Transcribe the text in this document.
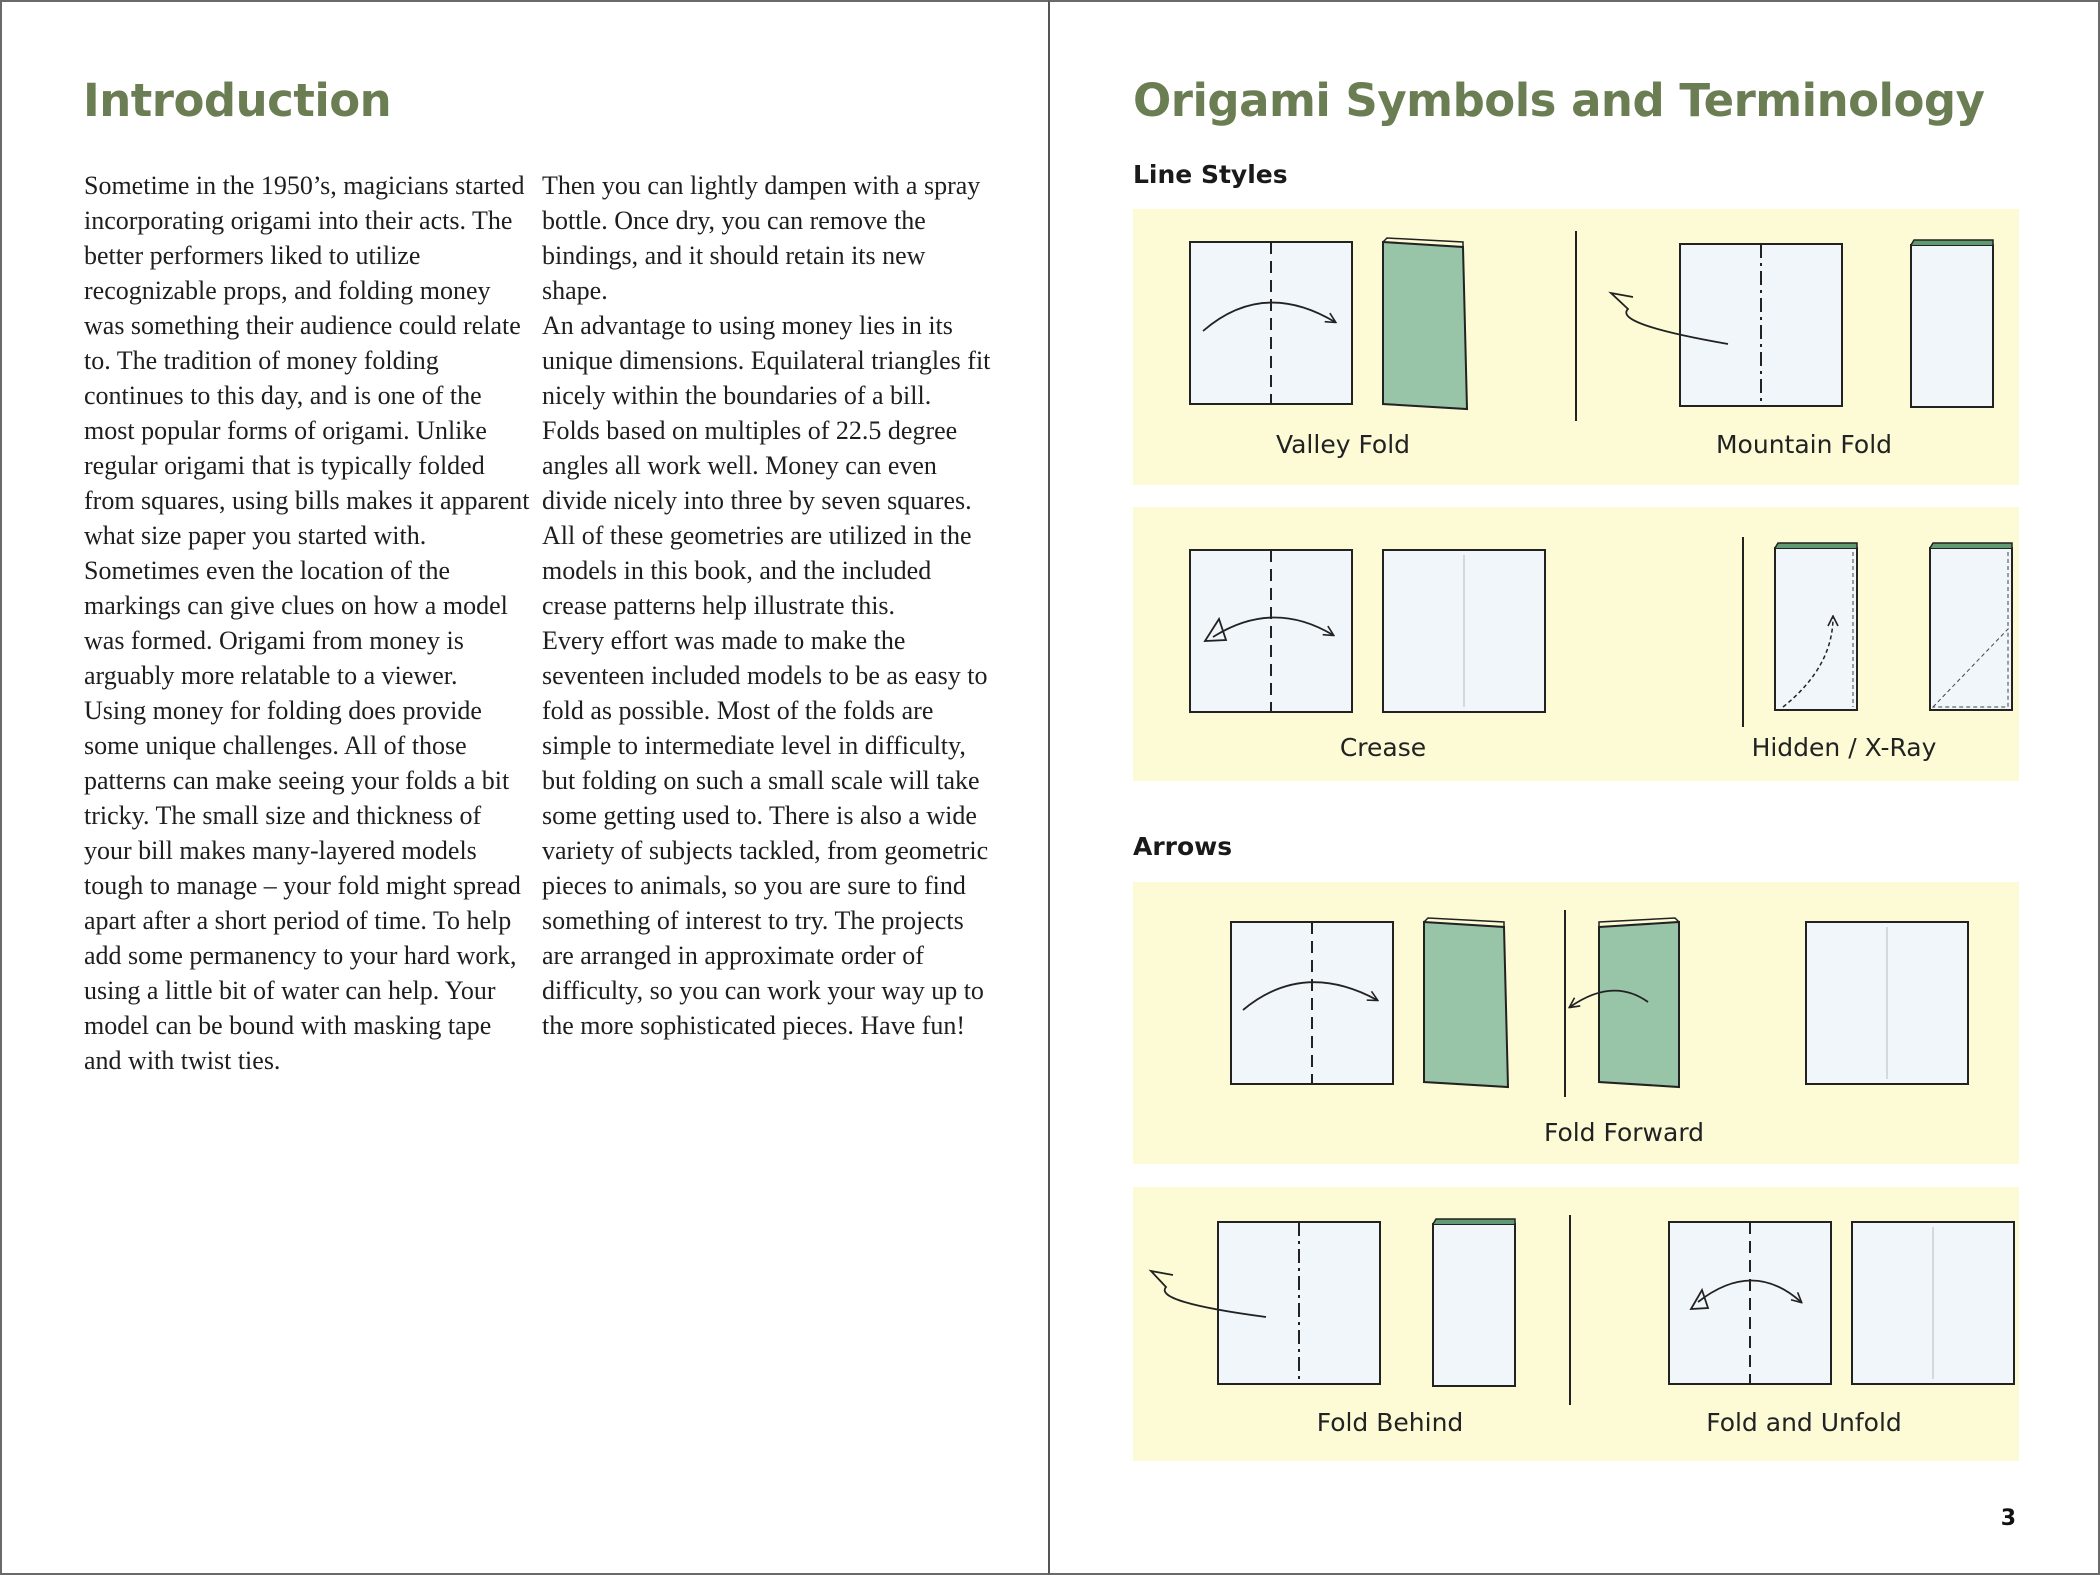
Introduction

Sometime in the 1950’s, magicians started incorporating origami into their acts. The better performers liked to utilize recognizable props, and folding money was something their audience could relate to. The tradition of money folding continues to this day, and is one of the most popular forms of origami. Unlike regular origami that is typically folded from squares, using bills makes it apparent what size paper you started with. Sometimes even the location of the markings can give clues on how a model was formed. Origami from money is arguably more relatable to a viewer.

Using money for folding does provide some unique challenges. All of those patterns can make seeing your folds a bit tricky. The small size and thickness of your bill makes many-layered models tough to manage – your fold might spread apart after a short period of time. To help add some permanency to your hard work, using a little bit of water can help. Your model can be bound with masking tape and with twist ties.

Then you can lightly dampen with a spray bottle. Once dry, you can remove the bindings, and it should retain its new shape.

An advantage to using money lies in its unique dimensions. Equilateral triangles fit nicely within the boundaries of a bill. Folds based on multiples of 22.5 degree angles all work well. Money can even divide nicely into three by seven squares. All of these geometries are utilized in the models in this book, and the included crease patterns help illustrate this.

Every effort was made to make the seventeen included models to be as easy to fold as possible. Most of the folds are simple to intermediate level in difficulty, but folding on such a small scale will take some getting used to. There is also a wide variety of subjects tackled, from geometric pieces to animals, so you are sure to find something of interest to try. The projects are arranged in approximate order of difficulty, so you can work your way up to the more sophisticated pieces. Have fun!

Origami Symbols and Terminology
Line Styles
Valley Fold	Mountain Fold
Crease	Hidden / X-Ray
Arrows
Fold Forward
Fold Behind	Fold and Unfold
3
